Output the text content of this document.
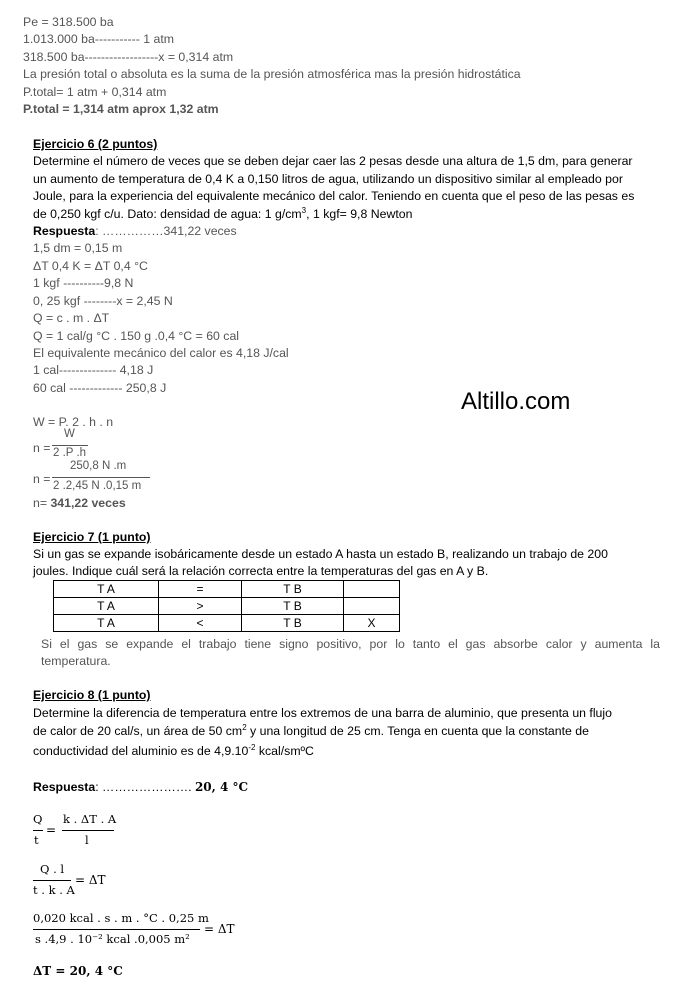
Pe = 318.500 ba
1.013.000 ba----------- 1 atm
318.500 ba------------------x = 0,314 atm
La presión total o absoluta es la suma de la presión atmosférica mas la presión hidrostática
P.total= 1 atm + 0,314 atm
P.total = 1,314 atm aprox 1,32 atm
Ejercicio 6 (2 puntos)
Determine el número de veces que se deben dejar caer las 2 pesas desde una altura de 1,5 dm, para generar
un aumento de temperatura de 0,4 K a 0,150 litros de agua, utilizando un dispositivo similar al empleado por
Joule, para la experiencia del equivalente mecánico del calor. Teniendo en cuenta que el peso de las pesas es
de 0,250 kgf c/u. Dato: densidad de agua: 1 $g/cm^3$, 1 kgf= 9,8 Newton
Respuesta: ……………341,22 veces
1,5 dm = 0,15 m
ΔT 0,4 K = ΔT 0,4 °C
1 kgf ----------9,8 N
0, 25 kgf --------x = 2,45 N
Q = c . m . ΔT
Q = 1 cal/g °C . 150 g .0,4 °C = 60 cal
El equivalente mecánico del calor es 4,18 J/cal
1 cal-------------- 4,18 J
60 cal ------------- 250,8 J
W = P. 2 . h . n
n =
W
2 .P .h
n =
250,8 N .m
2 .2,45 N .0,15 m
n= 341,22 veces
Altillo.com
Ejercicio 7 (1 punto)
Si un gas se expande isobáricamente desde un estado A hasta un estado B, realizando un trabajo de 200
joules. Indique cuál será la relación correcta entre la temperaturas del gas en A y B.
T A	=	T B	
T A	>	T B	
T A	<	T B	X
Si el gas se expande el trabajo tiene signo positivo, por lo tanto el gas absorbe calor y aumenta la
temperatura.
Ejercicio 8 (1 punto)
Determine la diferencia de temperatura entre los extremos de una barra de aluminio, que presenta un flujo
de calor de 20 cal/s, un área de 50 $cm^2$ y una longitud de 25 cm. Tenga en cuenta que la constante de
conductividad del aluminio es de $4,9.10^{-2}$ kcal/smºC
Respuesta: …………………. 20, 4 °C
Q
t
=
k . ΔT . A
l
Q . l
t . k . A
= ΔT
0,020 kcal . s . m . °C . 0,25 m
s .4,9 . 10⁻² kcal .0,005 m²
= ΔT
ΔT = 20, 4 °C
